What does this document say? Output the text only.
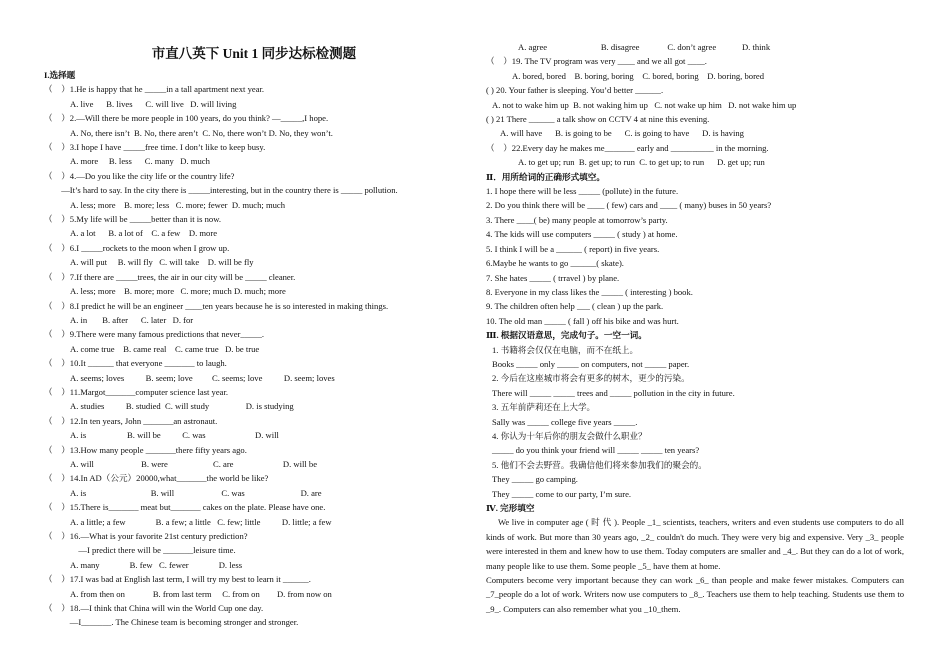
市直八英下 Unit 1 同步达标检测题
I.选择题
（　）1.He is happy that he _____in a tall apartment next year.
A. live      B. lives      C. will live   D. will living
（　）2.—Will there be more people in 100 years, do you think? —_____,I hope.
A. No, there isn’t  B. No, there aren’t  C. No, there won’t D. No, they won’t.
（　）3.I hope I have _____free time. I don’t like to keep busy.
A. more     B. less      C. many   D. much
（　）4.—Do you like the city life or the country life?
　　—It’s hard to say. In the city there is _____interesting, but in the country there is _____ pollution.
A. less; more    B. more; less   C. more; fewer  D. much; much
（　）5.My life will be _____better than it is now.
A. a lot      B. a lot of    C. a few    D. more
（　）6.I _____rockets to the moon when I grow up.
A. will put     B. will fly   C. will take    D. will be fly
（　）7.If there are _____trees, the air in our city will be _____ cleaner.
A. less; more    B. more; more   C. more; much D. much; more
（　）8.I predict he will be an engineer ____ten years because he is so interested in making things.
A. in       B. after      C. later   D. for
（　）9.There were many famous predictions that never_____.
A. come true    B. came real    C. came true   D. be true
（　）10.It ______ that everyone _______ to laugh.
A. seems; loves          B. seem; love         C. seems; love          D. seem; loves
（　）11.Margot_______computer science last year.
A. studies          B. studied  C. will study                 D. is studying
（　）12.In ten years, John _______an astronaut.
A. is                   B. will be          C. was                       D. will
（　）13.How many people _______there fifty years ago.
A. will                      B. were                     C. are                       D. will be
（　）14.In AD（公元）20000,what_______the world be like?
A. is                              B. will                      C. was                          D. are
（　）15.There is_______ meat but_______ cakes on the plate. Please have one.
A. a little; a few              B. a few; a little   C. few; little          D. little; a few
（　）16.—What is your favorite 21st century prediction?
　　　　—I predict there will be _______leisure time.
A. many              B. few   C. fewer              D. less
（　）17.I was bad at English last term, I will try my best to learn it ______.
A. from then on             B. from last term     C. from on        D. from now on
（　）18.—I think that China will win the World Cup one day.
　　　—I_______. The Chinese team is becoming stronger and stronger.
A. agree                         B. disagree             C. don’t agree            D. think
（　）19. The TV program was very ____ and we all got ____.
A. bored, bored    B. boring, boring    C. bored, boring    D. boring, bored
( ) 20. Your father is sleeping. You’d better ______.
A. not to wake him up  B. not waking him up   C. not wake up him   D. not wake him up
( ) 21 There ______ a talk show on CCTV 4 at nine this evening.
A. will have      B. is going to be      C. is going to have      D. is having
（　）22.Every day he makes me_______ early and __________ in the morning.
A. to get up; run  B. get up; to run  C. to get up; to run      D. get up; run
Ⅱ．用所给词的正确形式填空。
1. I hope there will be less _____ (pollute) in the future.
2. Do you think there will be ____ ( few) cars and ____ ( many) buses in 50 years?
3. There ____( be) many people at tomorrow’s party.
4. The kids will use computers _____ ( study ) at home.
5. I think I will be a ______ ( report) in five years.
6.Maybe he wants to go ______( skate).
7. She hates _____ ( trravel ) by plane.
8. Everyone in my class likes the _____ ( interesting ) book.
9. The children often help ___ ( clean ) up the park.
10. The old man _____ ( fall ) off his bike and was hurt.
Ⅲ. 根据汉语意思，完成句子。一空一词。
1. 书籍将会仅仅在电脑，而不在纸上。
Books _____ only _____ on computers, not _____ paper.
2. 今后在这座城市将会有更多的树木，更少的污染。
There will _____ _____ trees and _____ pollution in the city in future.
3. 五年前萨莉还在上大学。
Sally was _____ college five years _____.
4. 你认为十年后你的朋友会做什么职业？
_____ do you think your friend will _____ _____ ten years?
5. 他们不会去野营。我确信他们将来参加我们的聚会的。
They _____ go camping.
They _____ come to our party, I’m sure.
Ⅳ. 完形填空
We live in computer age ( 时 代 ). People _1_ scientists, teachers, writers and even students use computers to do all kinds of work. But more than 30 years ago, _2_ couldn't do much. They were very big and expensive. Very _3_ people were interested in them and knew how to use them. Today computers are smaller and _4_. But they can do a lot of work, many people like to use them. Some people _5_ have them at home.
Computers become very important because they can work _6_ than people and make fewer mistakes. Computers can _7_people do a lot of work. Writers now use computers to _8_. Teachers use them to help teaching. Students use them to _9_. Computers can also remember what you _10_them.
